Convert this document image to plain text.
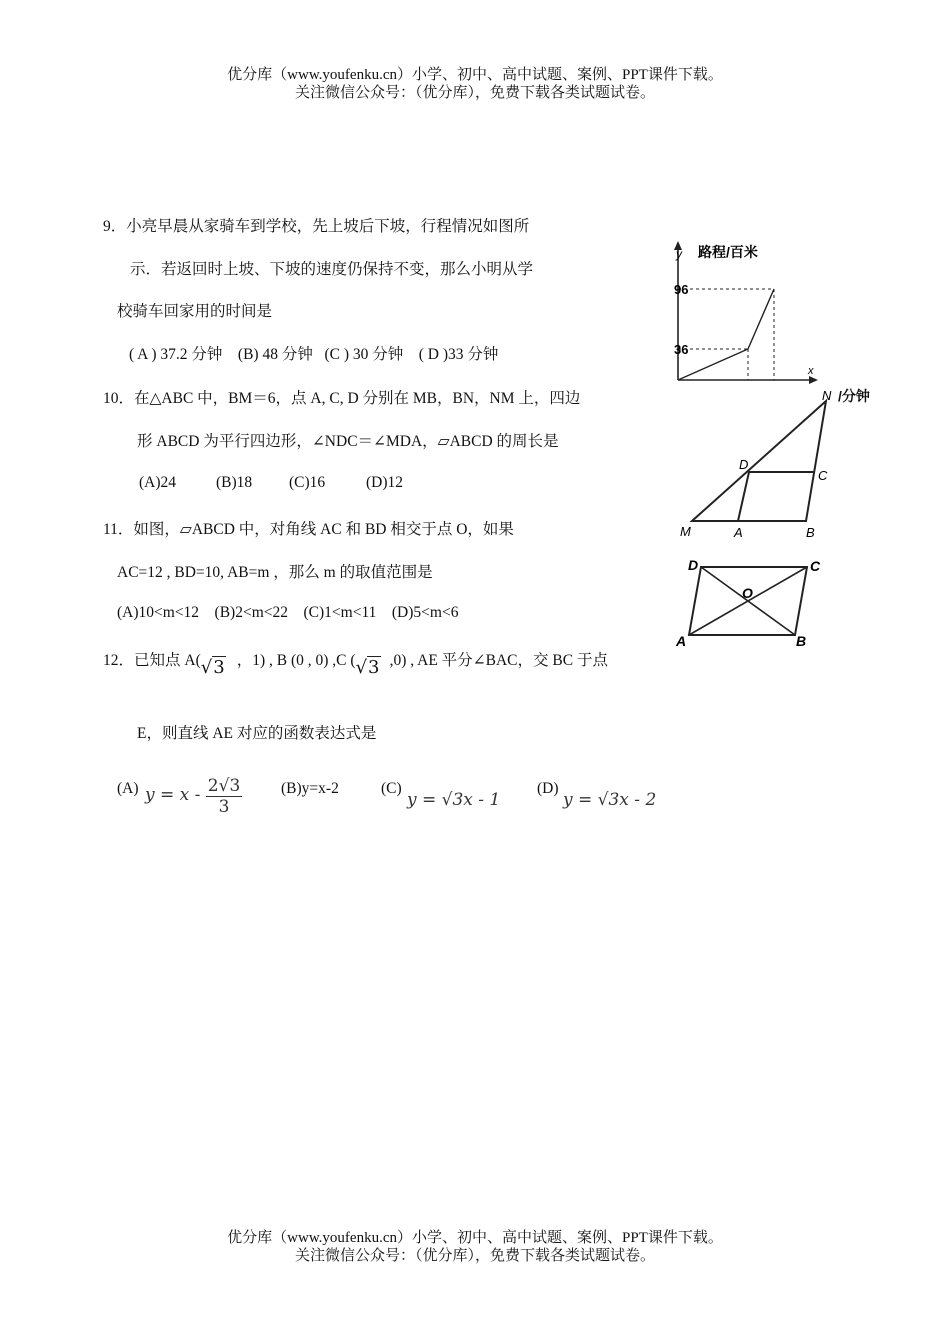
优分库（www.youfenku.cn）小学、初中、高中试题、案例、PPT课件下载。
关注微信公众号：（优分库），免费下载各类试题试卷。
9．小亮早晨从家骑车到学校，先上坡后下坡，行程情况如图所
示．若返回时上坡、下坡的速度仍保持不变，那么小明从学
校骑车回家用的时间是
( A ) 37.2 分钟    (B) 48 分钟   (C ) 30 分钟    ( D )33 分钟
y 路程/百米
x
96
36
/分钟
10．在△ABC 中，BM＝6，点 A, C, D 分别在 MB，BN，NM 上，四边
形 ABCD 为平行四边形，∠NDC＝∠MDA，▱ABCD 的周长是
(A)24	(B)18 (C)16	(D)12
N
D
C
M	A	B
11．如图，▱ABCD 中，对角线 AC 和 BD 相交于点 O，如果
AC=12 , BD=10, AB=m ，那么 m 的取值范围是
(A)10<m<12    (B)2<m<22    (C)1<m<11    (D)5<m<6
D	C
O
A	B
12．已知点 A(√3 ，1) , B (0 , 0) ,C (√3 ,0) , AE 平分∠BAC，交 BC 于点
E，则直线 AE 对应的函数表达式是
(A) $y = x - \frac{2√3}{3} (B)y=x-2$	(C)
y = √3x - 1
(D)
y = √3x - 2
优分库（www.youfenku.cn）小学、初中、高中试题、案例、PPT课件下载。
关注微信公众号：（优分库），免费下载各类试题试卷。
